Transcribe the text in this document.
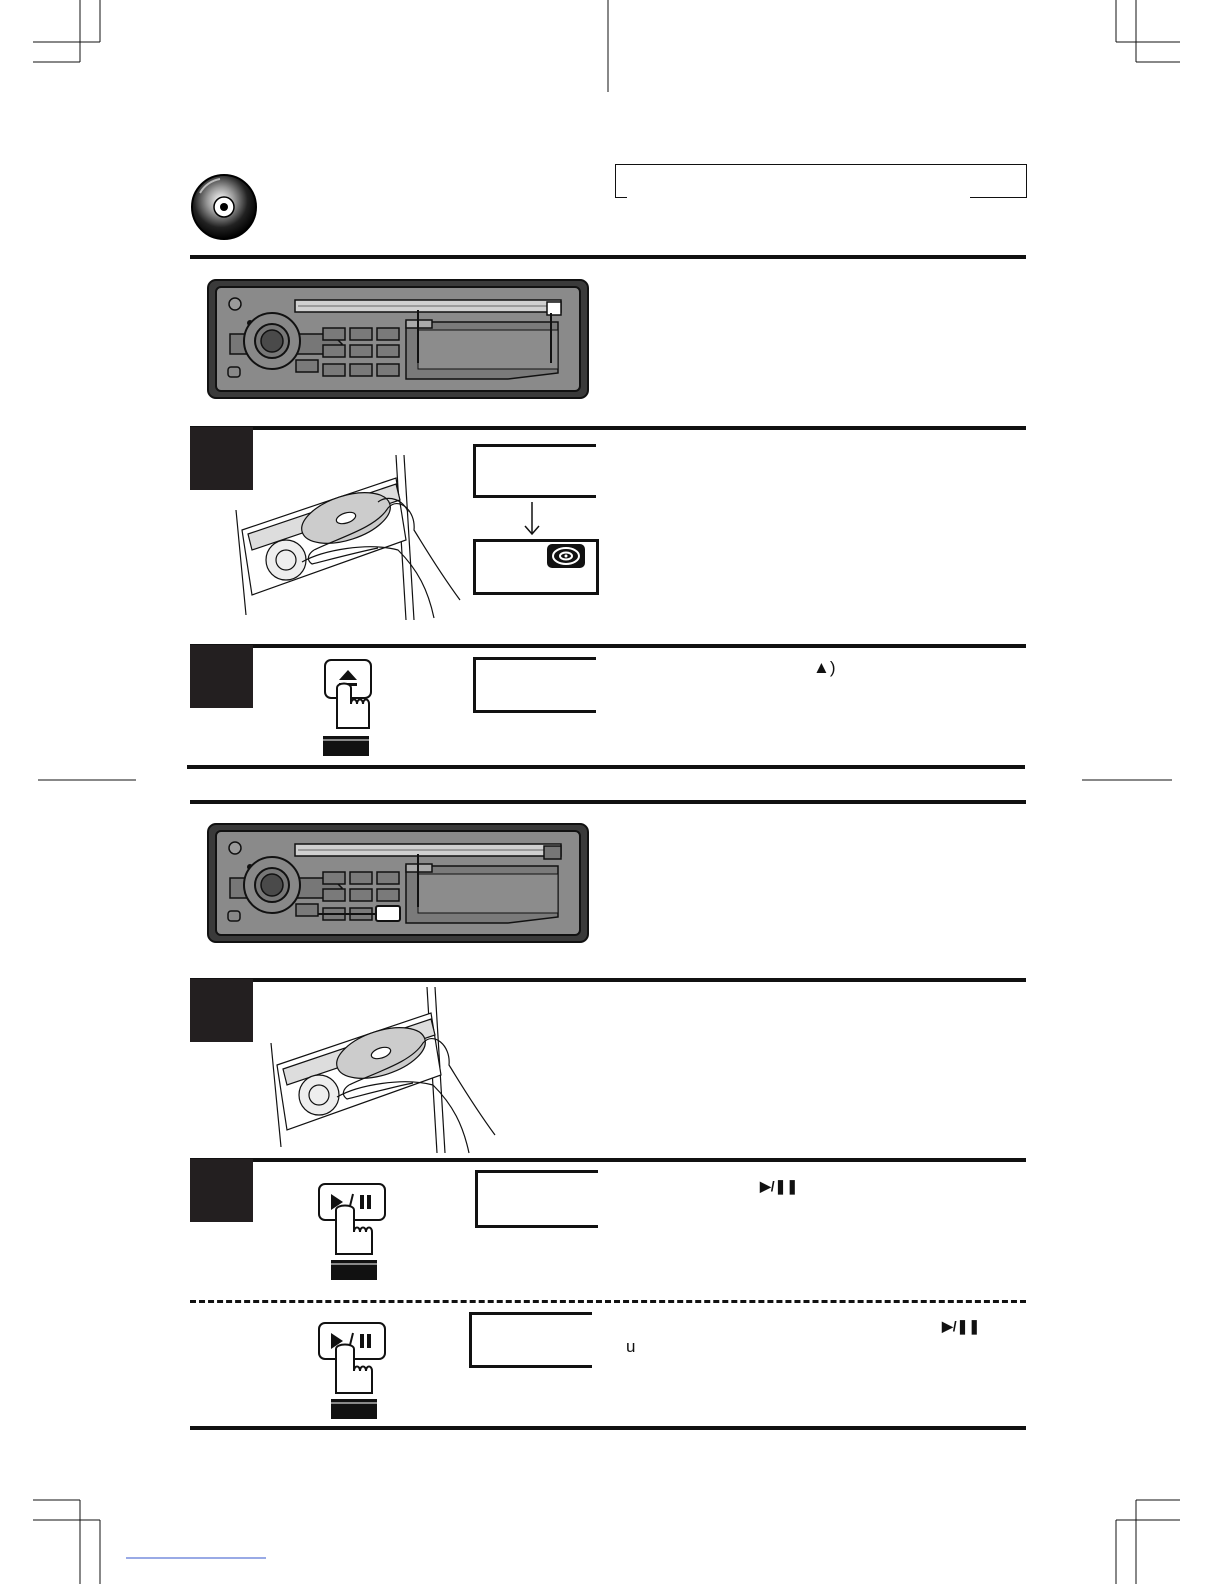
▲)
▶/❚❚
▶/❚❚
u
